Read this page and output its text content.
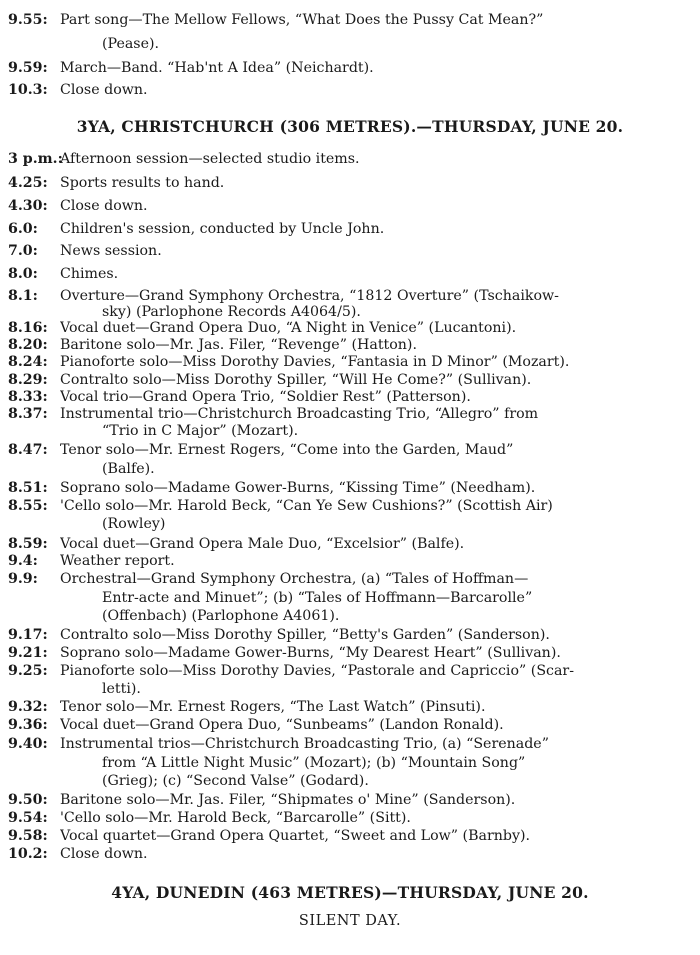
9.55: Part song—The Mellow Fellows, “What Does the Pussy Cat Mean?”
(Pease).
9.59: March—Band. “Hab'nt A Idea” (Neichardt).
10.3: Close down.
3YA, CHRISTCHURCH (306 METRES).—THURSDAY, JUNE 20.
3 p.m.:
Afternoon session—selected studio items.
4.25: Sports results to hand.
4.30: Close down.
6.0:	Children's session, conducted by Uncle John.
7.0:	News session.
8.0:	Chimes.
8.1:	Overture—Grand Symphony Orchestra, “1812 Overture” (Tschaikow-
sky) (Parlophone Records A4064/5).
8.16: Vocal duet—Grand Opera Duo, “A Night in Venice” (Lucantoni).
8.20: Baritone solo—Mr. Jas. Filer, “Revenge” (Hatton).
8.24: Pianoforte solo—Miss Dorothy Davies, “Fantasia in D Minor” (Mozart).
8.29: Contralto solo—Miss Dorothy Spiller, “Will He Come?” (Sullivan).
8.33: Vocal trio—Grand Opera Trio, “Soldier Rest” (Patterson).
8.37: Instrumental trio—Christchurch Broadcasting Trio, “Allegro” from
“Trio in C Major” (Mozart).
8.47: Tenor solo—Mr. Ernest Rogers, “Come into the Garden, Maud”
(Balfe).
8.51: Soprano solo—Madame Gower-Burns, “Kissing Time” (Needham).
8.55: 'Cello solo—Mr. Harold Beck, “Can Ye Sew Cushions?” (Scottish Air)
(Rowley)
8.59: Vocal duet—Grand Opera Male Duo, “Excelsior” (Balfe).
9.4:	Weather report.
9.9:	Orchestral—Grand Symphony Orchestra, (a) “Tales of Hoffman—
Entr-acte and Minuet”; (b) “Tales of Hoffmann—Barcarolle”
(Offenbach) (Parlophone A4061).
9.17: Contralto solo—Miss Dorothy Spiller, “Betty's Garden” (Sanderson).
9.21: Soprano solo—Madame Gower-Burns, “My Dearest Heart” (Sullivan).
9.25: Pianoforte solo—Miss Dorothy Davies, “Pastorale and Capriccio” (Scar-
letti).
9.32: Tenor solo—Mr. Ernest Rogers, “The Last Watch” (Pinsuti).
9.36: Vocal duet—Grand Opera Duo, “Sunbeams” (Landon Ronald).
9.40: Instrumental trios—Christchurch Broadcasting Trio, (a) “Serenade”
from “A Little Night Music” (Mozart); (b) “Mountain Song”
(Grieg); (c) “Second Valse” (Godard).
9.50: Baritone solo—Mr. Jas. Filer, “Shipmates o' Mine” (Sanderson).
9.54: 'Cello solo—Mr. Harold Beck, “Barcarolle” (Sitt).
9.58: Vocal quartet—Grand Opera Quartet, “Sweet and Low” (Barnby).
10.2: Close down.
4YA, DUNEDIN (463 METRES)—THURSDAY, JUNE 20.
SILENT DAY.
